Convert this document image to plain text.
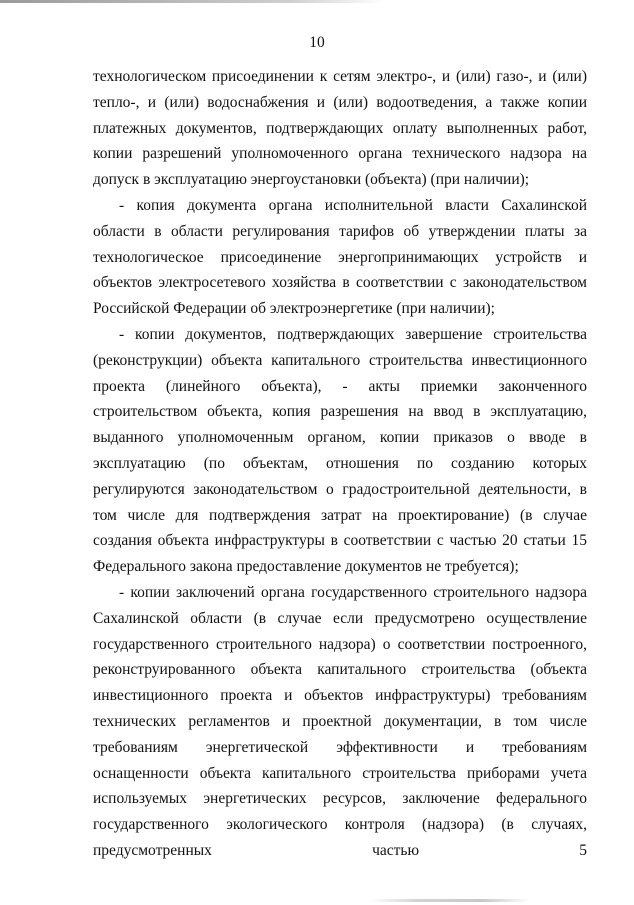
10

технологическом присоединении к сетям электро-, и (или) газо-, и (или) тепло-, и (или) водоснабжения и (или) водоотведения, а также копии платежных документов, подтверждающих оплату выполненных работ, копии разрешений уполномоченного органа технического надзора на допуск в эксплуатацию энергоустановки (объекта) (при наличии);

- копия документа органа исполнительной власти Сахалинской области в области регулирования тарифов об утверждении платы за технологическое присоединение энергопринимающих устройств и объектов электросетевого хозяйства в соответствии с законодательством Российской Федерации об электроэнергетике (при наличии);

- копии документов, подтверждающих завершение строительства (реконструкции) объекта капитального строительства инвестиционного проекта (линейного объекта), - акты приемки законченного строительством объекта, копия разрешения на ввод в эксплуатацию, выданного уполномоченным органом, копии приказов о вводе в эксплуатацию (по объектам, отношения по созданию которых регулируются законодательством о градостроительной деятельности, в том числе для подтверждения затрат на проектирование) (в случае создания объекта инфраструктуры в соответствии с частью 20 статьи 15 Федерального закона предоставление документов не требуется);

- копии заключений органа государственного строительного надзора Сахалинской области (в случае если предусмотрено осуществление государственного строительного надзора) о соответствии построенного, реконструированного объекта капитального строительства (объекта инвестиционного проекта и объектов инфраструктуры) требованиям технических регламентов и проектной документации, в том числе требованиям энергетической эффективности и требованиям оснащенности объекта капитального строительства приборами учета используемых энергетических ресурсов, заключение федерального государственного экологического контроля (надзора) (в случаях, предусмотренных частью 5
